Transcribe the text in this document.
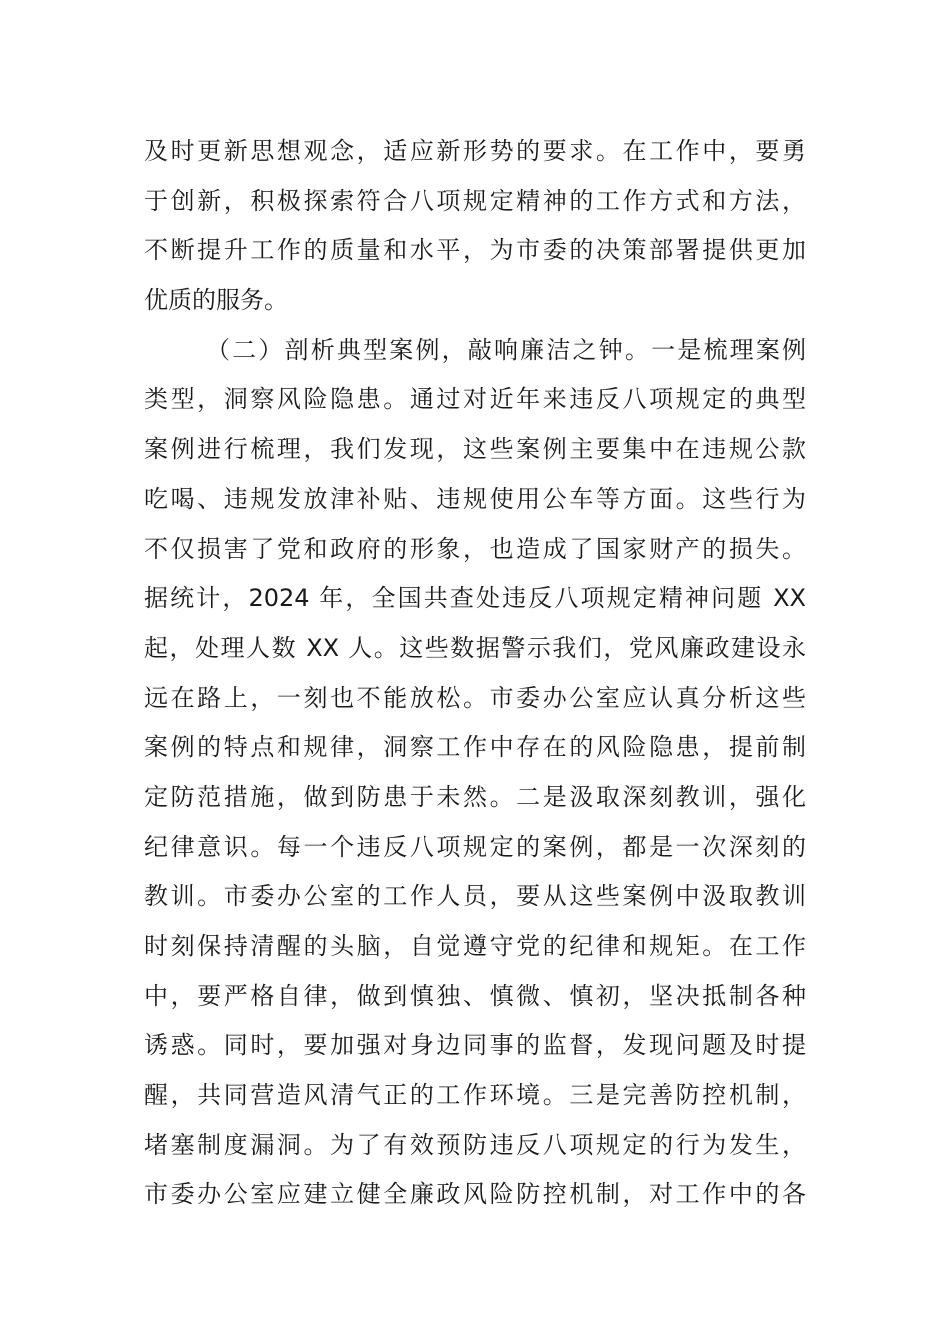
及时更新思想观念，适应新形势的要求。在工作中，要勇
于创新，积极探索符合八项规定精神的工作方式和方法，
不断提升工作的质量和水平，为市委的决策部署提供更加
优质的服务。
（二）剖析典型案例，敲响廉洁之钟。一是梳理案例
类型，洞察风险隐患。通过对近年来违反八项规定的典型
案例进行梳理，我们发现，这些案例主要集中在违规公款
吃喝、违规发放津补贴、违规使用公车等方面。这些行为
不仅损害了党和政府的形象，也造成了国家财产的损失。
据统计，2024 年，全国共查处违反八项规定精神问题 XX
起，处理人数 XX 人。这些数据警示我们，党风廉政建设永
远在路上，一刻也不能放松。市委办公室应认真分析这些
案例的特点和规律，洞察工作中存在的风险隐患，提前制
定防范措施，做到防患于未然。二是汲取深刻教训，强化
纪律意识。每一个违反八项规定的案例，都是一次深刻的
教训。市委办公室的工作人员，要从这些案例中汲取教训
时刻保持清醒的头脑，自觉遵守党的纪律和规矩。在工作
中，要严格自律，做到慎独、慎微、慎初，坚决抵制各种
诱惑。同时，要加强对身边同事的监督，发现问题及时提
醒，共同营造风清气正的工作环境。三是完善防控机制，
堵塞制度漏洞。为了有效预防违反八项规定的行为发生，
市委办公室应建立健全廉政风险防控机制，对工作中的各
